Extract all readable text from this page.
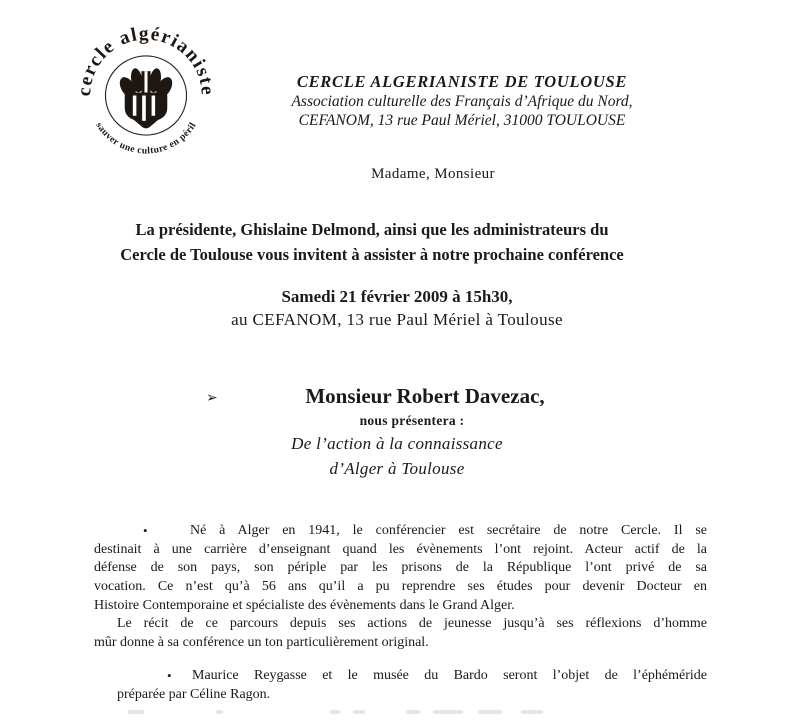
cercle algérianiste
sauver une culture en péril
CERCLE ALGERIANISTE DE TOULOUSE
Association culturelle des Français d’Afrique du Nord,
CEFANOM, 13 rue Paul Mériel, 31000 TOULOUSE
Madame, Monsieur
La présidente, Ghislaine Delmond, ainsi que les administrateurs du
Cercle de Toulouse vous invitent à assister à notre prochaine conférence
Samedi 21 février 2009 à 15h30,
au CEFANOM, 13 rue Paul Mériel à Toulouse
➢	Monsieur Robert Davezac,
nous présentera :
De l’action à la connaissance
d’Alger à Toulouse
•	Né à Alger en 1941, le conférencier est secrétaire de notre Cercle. Il se
destinait à une carrière d’enseignant quand les évènements l’ont rejoint. Acteur actif de la
défense de son pays, son périple par les prisons de la République l’ont privé de sa
vocation. Ce n’est qu’à 56 ans qu’il a pu reprendre ses études pour devenir Docteur en
Histoire Contemporaine et spécialiste des évènements dans le Grand Alger.
Le récit de ce parcours depuis ses actions de jeunesse jusqu’à ses réflexions d’homme
mûr donne à sa conférence un ton particulièrement original.
• Maurice Reygasse et le musée du Bardo seront l’objet de l’éphéméride
préparée par Céline Ragon.
